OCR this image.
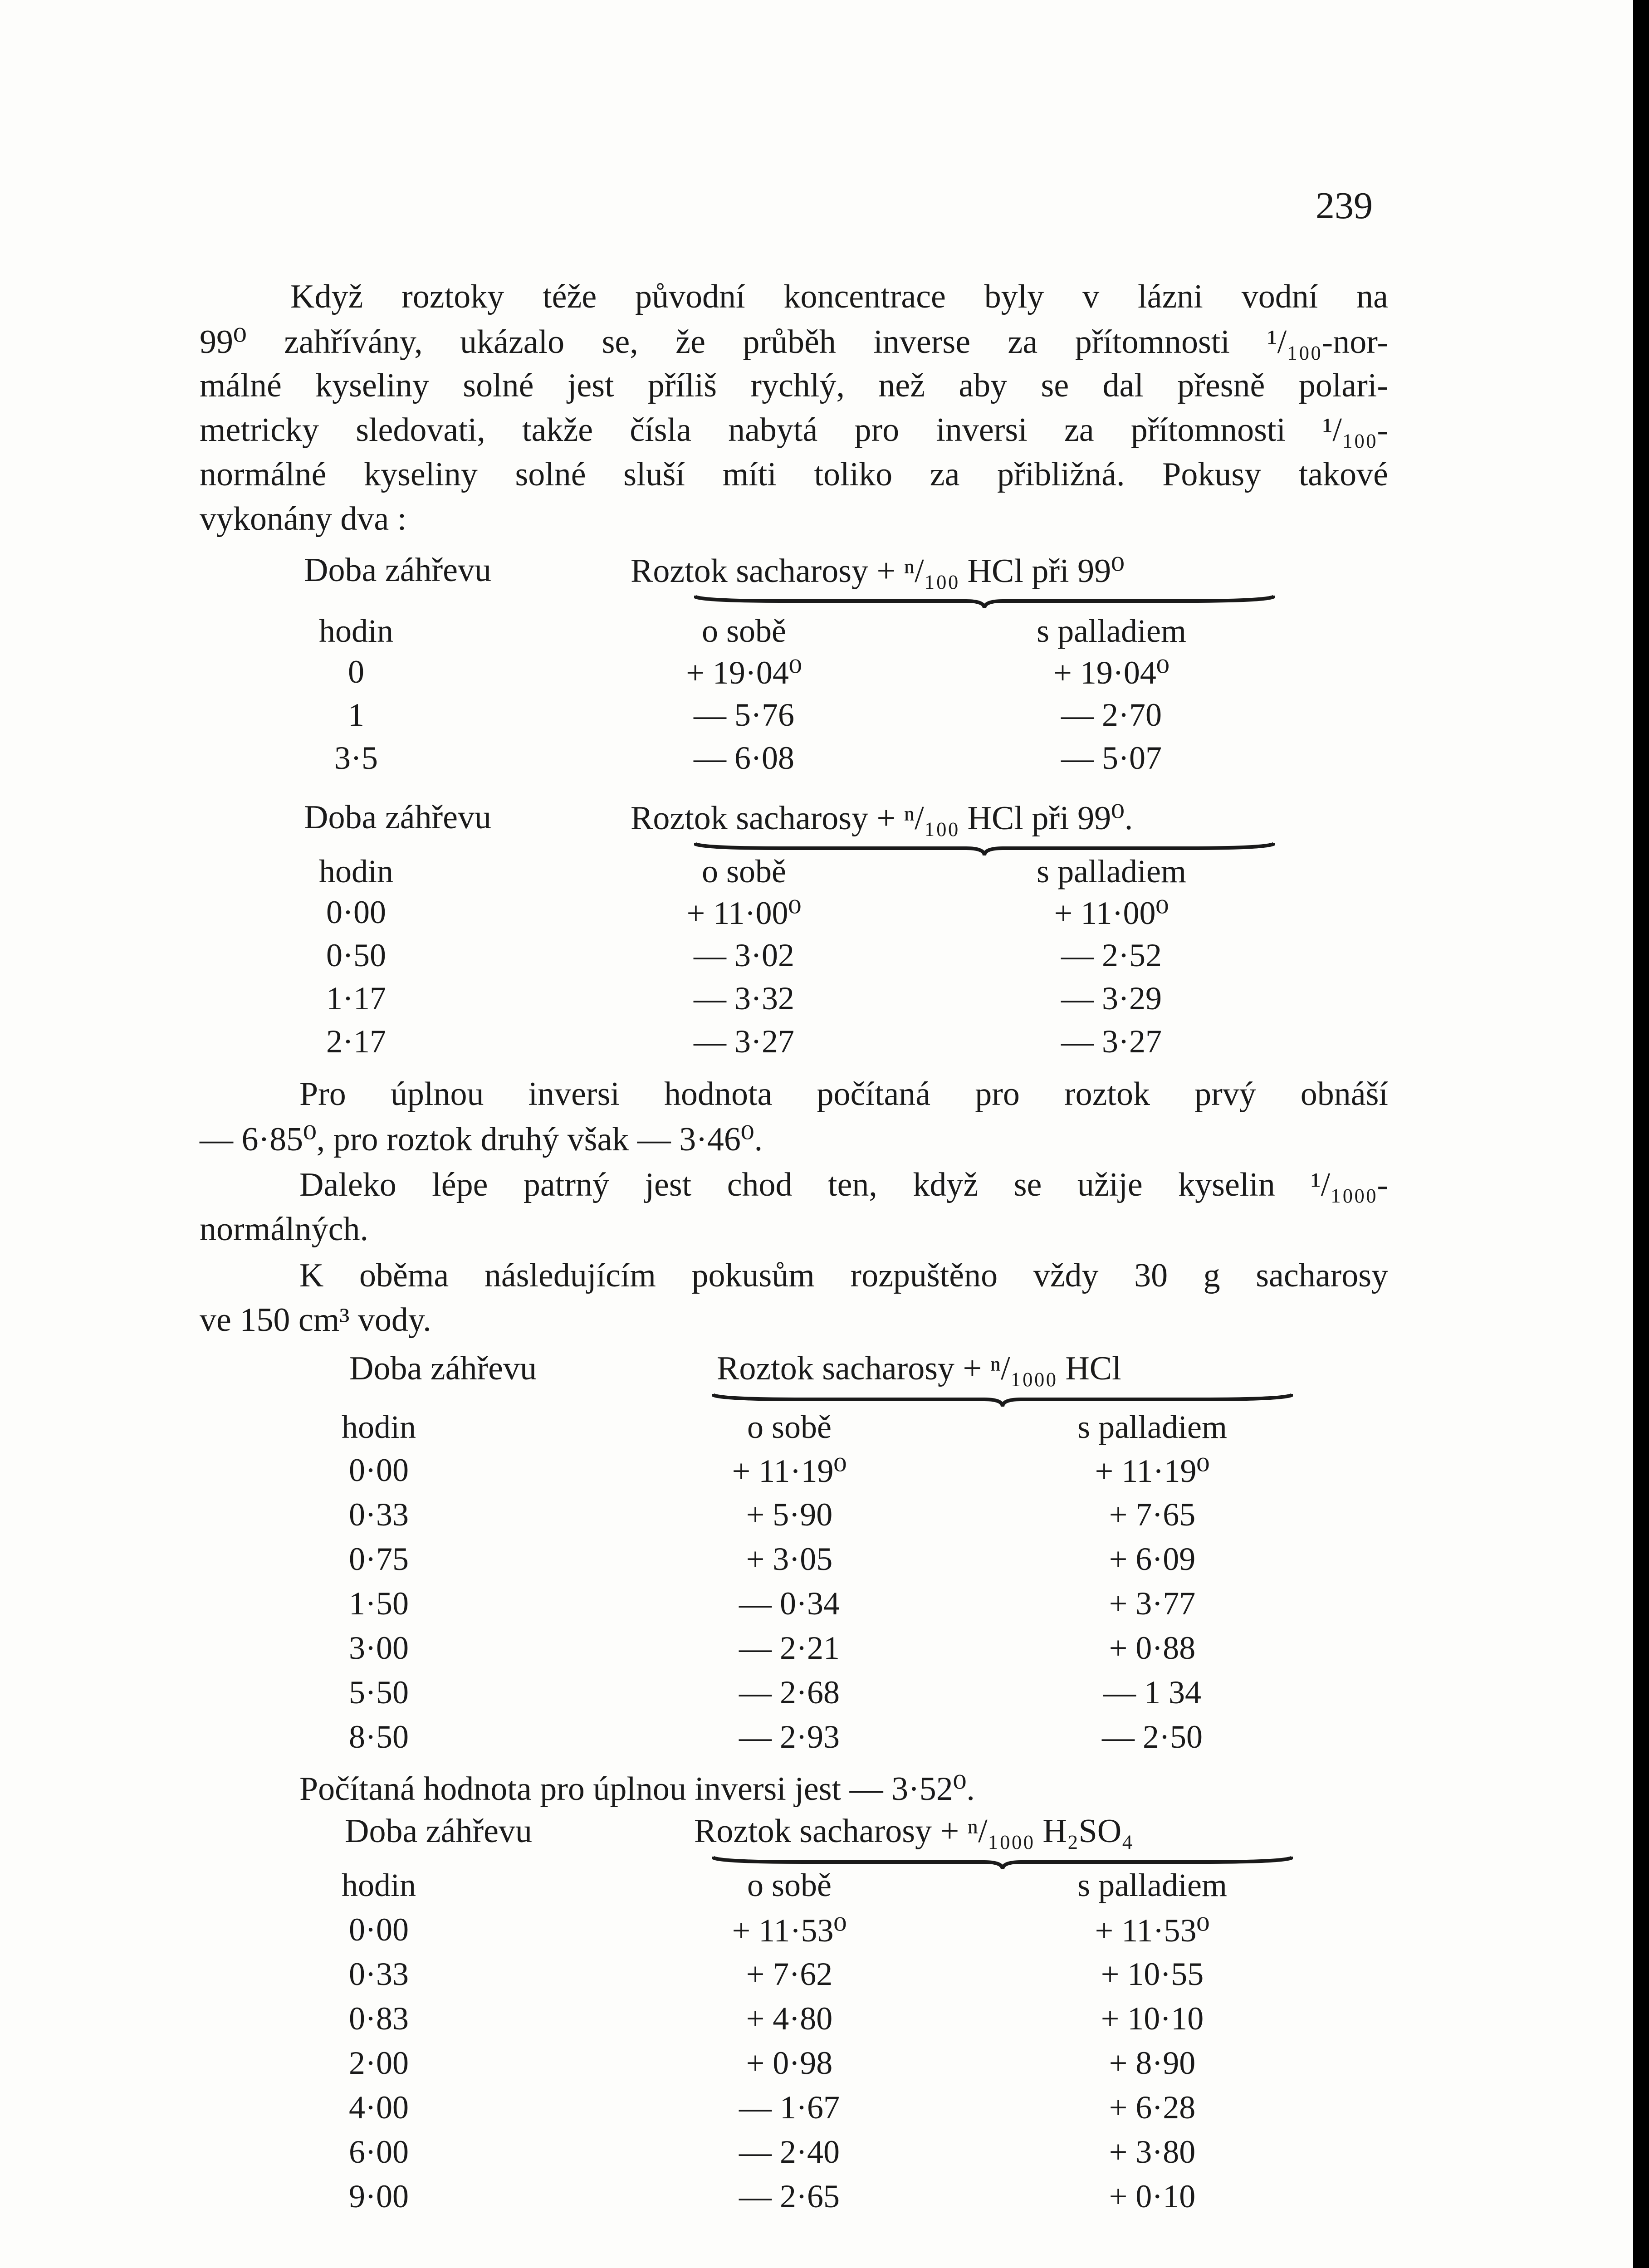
239
Když roztoky téže původní koncentrace byly v lázni vodní na
99⁰ zahřívány, ukázalo se, že průběh inverse za přítomnosti ¹/₁₀₀-nor-
málné kyseliny solné jest příliš rychlý, než aby se dal přesně polari-
metricky sledovati, takže čísla nabytá pro inversi za přítomnosti ¹/₁₀₀-
normálné kyseliny solné sluší míti toliko za přibližná. Pokusy takové
vykonány dva :
Doba záhřevu	Roztok sacharosy + ⁿ/₁₀₀ HCl při 99⁰
hodin	o sobě	s palladiem
0	+ 19·04⁰	+ 19·04⁰
1	— 5·76	— 2·70
3·5	— 6·08	— 5·07
Doba záhřevu	Roztok sacharosy + ⁿ/₁₀₀ HCl při 99⁰.
hodin	o sobě	s palladiem
0·00	+ 11·00⁰	+ 11·00⁰
0·50	— 3·02	— 2·52
1·17	— 3·32	— 3·29
2·17	— 3·27	— 3·27
Pro úplnou inversi hodnota počítaná pro roztok prvý obnáší
— 6·85⁰, pro roztok druhý však — 3·46⁰.
Daleko lépe patrný jest chod ten, když se užije kyselin ¹/₁₀₀₀-
normálných.
K oběma následujícím pokusům rozpuštěno vždy 30 g sacharosy
ve 150 cm³ vody.
Doba záhřevu	Roztok sacharosy + ⁿ/₁₀₀₀ HCl
hodin	o sobě	s palladiem
0·00	+ 11·19⁰	+ 11·19⁰
0·33	+ 5·90	+ 7·65
0·75	+ 3·05	+ 6·09
1·50	— 0·34	+ 3·77
3·00	— 2·21	+ 0·88
5·50	— 2·68	— 1 34
8·50	— 2·93	— 2·50
Počítaná hodnota pro úplnou inversi jest — 3·52⁰.
Doba záhřevu	Roztok sacharosy + ⁿ/₁₀₀₀ H₂SO₄
hodin	o sobě	s palladiem
0·00	+ 11·53⁰	+ 11·53⁰
0·33	+ 7·62	+ 10·55
0·83	+ 4·80	+ 10·10
2·00	+ 0·98	+ 8·90
4·00	— 1·67	+ 6·28
6·00	— 2·40	+ 3·80
9·00	— 2·65	+ 0·10
